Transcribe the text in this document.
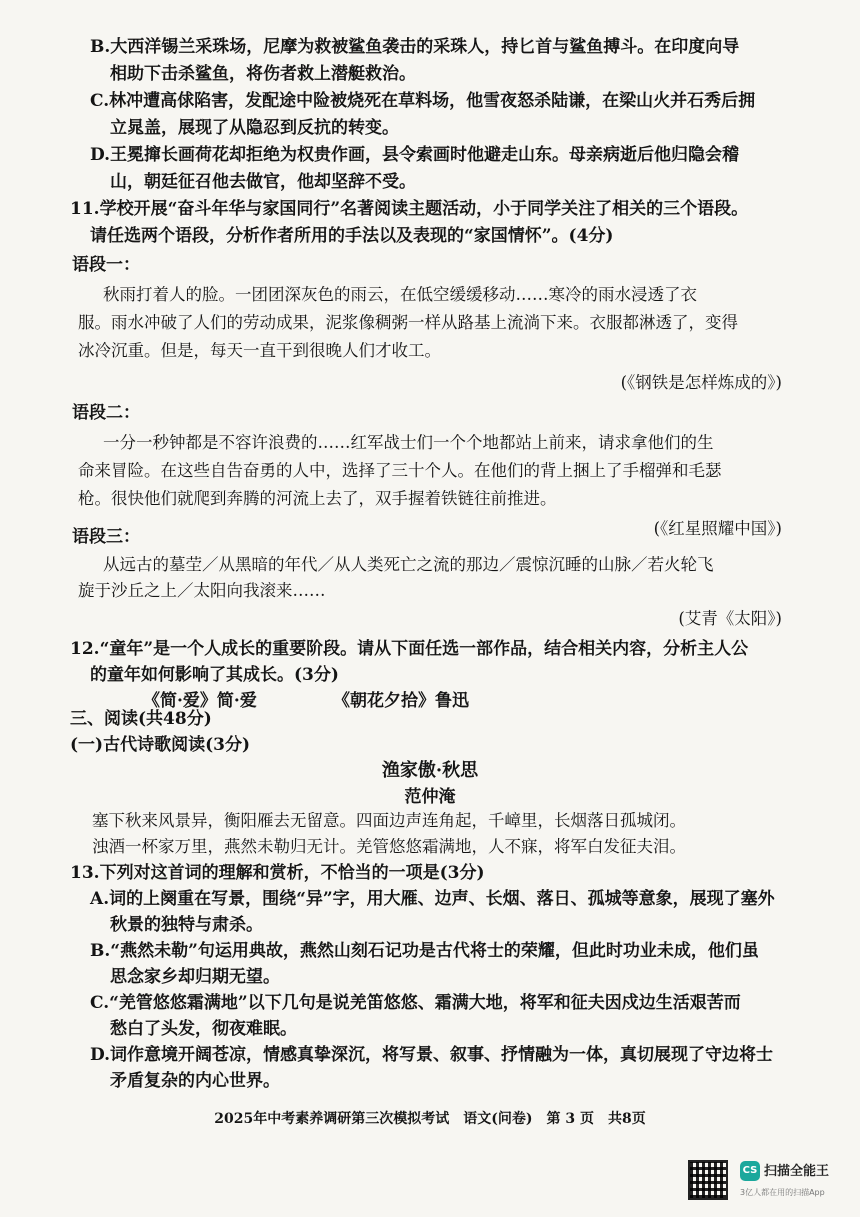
B.大西洋锡兰采珠场，尼摩为救被鲨鱼袭击的采珠人，持匕首与鲨鱼搏斗。在印度向导
相助下击杀鲨鱼，将伤者救上潜艇救治。
C.林冲遭高俅陷害，发配途中险被烧死在草料场，他雪夜怒杀陆谦，在梁山火并石秀后拥
立晁盖，展现了从隐忍到反抗的转变。
D.王冕撺长画荷花却拒绝为权贵作画，县令索画时他避走山东。母亲病逝后他归隐会稽
山，朝廷征召他去做官，他却坚辞不受。
11.学校开展“奋斗年华与家国同行”名著阅读主题活动，小于同学关注了相关的三个语段。
请任选两个语段，分析作者所用的手法以及表现的“家国情怀”。(4分)
语段一：
秋雨打着人的脸。一团团深灰色的雨云，在低空缓缓移动……寒冷的雨水浸透了衣
服。雨水冲破了人们的劳动成果，泥浆像稠粥一样从路基上流淌下来。衣服都淋透了，变得
冰冷沉重。但是，每天一直干到很晚人们才收工。
(《钢铁是怎样炼成的》)
语段二：
一分一秒钟都是不容许浪费的……红军战士们一个个地都站上前来，请求拿他们的生
命来冒险。在这些自告奋勇的人中，选择了三十个人。在他们的背上捆上了手榴弹和毛瑟
枪。很快他们就爬到奔腾的河流上去了，双手握着铁链往前推进。
(《红星照耀中国》)
语段三：
从远古的墓茔／从黑暗的年代／从人类死亡之流的那边／震惊沉睡的山脉／若火轮飞
旋于沙丘之上／太阳向我滚来……
(艾青《太阳》)
12.“童年”是一个人成长的重要阶段。请从下面任选一部作品，结合相关内容，分析主人公
的童年如何影响了其成长。(3分)
《简·爱》简·爱	《朝花夕拾》鲁迅
三、阅读(共48分)
(一)古代诗歌阅读(3分)
渔家傲·秋思
范仲淹
塞下秋来风景异，衡阳雁去无留意。四面边声连角起，千嶂里，长烟落日孤城闭。
浊酒一杯家万里，燕然未勒归无计。羌管悠悠霜满地，人不寐，将军白发征夫泪。
13.下列对这首词的理解和赏析，不恰当的一项是(3分)
A.词的上阕重在写景，围绕“异”字，用大雁、边声、长烟、落日、孤城等意象，展现了塞外
秋景的独特与肃杀。
B.“燕然未勒”句运用典故，燕然山刻石记功是古代将士的荣耀，但此时功业未成，他们虽
思念家乡却归期无望。
C.“羌管悠悠霜满地”以下几句是说羌笛悠悠、霜满大地，将军和征夫因戍边生活艰苦而
愁白了头发，彻夜难眠。
D.词作意境开阔苍凉，情感真挚深沉，将写景、叙事、抒情融为一体，真切展现了守边将士
矛盾复杂的内心世界。
2025年中考素养调研第三次模拟考试　语文(问卷)　第 3 页　共8页
CS 扫描全能王
3亿人都在用的扫描App
